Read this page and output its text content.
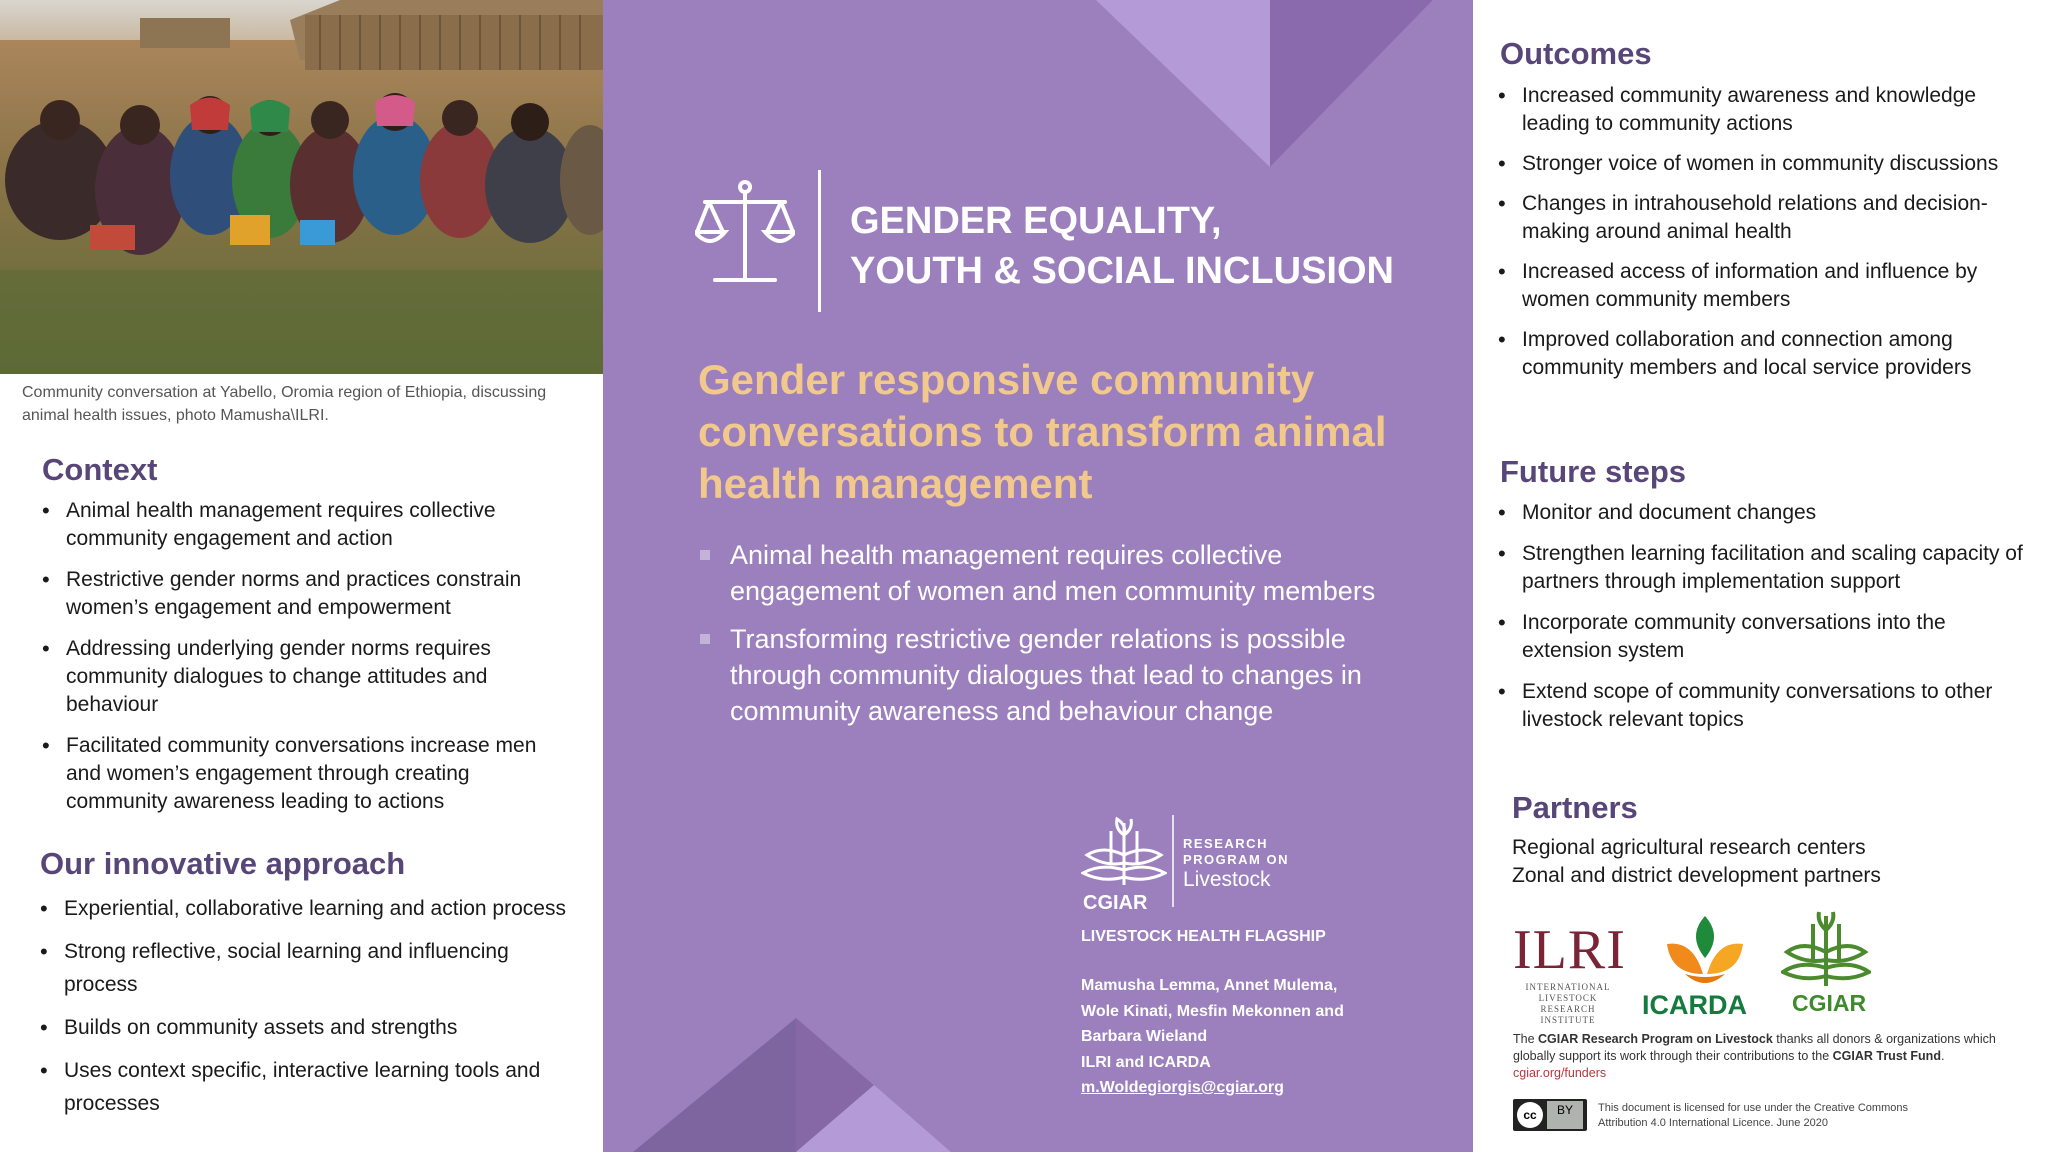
Community conversation at Yabello, Oromia region of Ethiopia, discussing animal health issues, photo Mamusha\ILRI.
Context
• Animal health management requires collective community engagement and action
• Restrictive gender norms and practices constrain women’s engagement and empowerment
• Addressing underlying gender norms requires community dialogues to change attitudes and behaviour
• Facilitated community conversations increase men and women’s engagement through creating community awareness leading to actions
Our innovative approach
• Experiential, collaborative learning and action process
• Strong reflective, social learning and influencing process
• Builds on community assets and strengths
• Uses context specific, interactive learning tools and processes
GENDER EQUALITY,
YOUTH & SOCIAL INCLUSION
Gender responsive community conversations to transform animal health management
Animal health management requires collective engagement of women and men community members
Transforming restrictive gender relations is possible through community dialogues that lead to changes in community awareness and behaviour change
RESEARCH
PROGRAM ON
Livestock
CGIAR
LIVESTOCK HEALTH FLAGSHIP
Mamusha Lemma, Annet Mulema,
Wole Kinati, Mesfin Mekonnen and
Barbara Wieland
ILRI and ICARDA
m.Woldegiorgis@cgiar.org
Outcomes
• Increased community awareness and knowledge leading to community actions
• Stronger voice of women in community discussions
• Changes in intrahousehold relations and decision-making around animal health
• Increased access of information and influence by women community members
• Improved collaboration and connection among community members and local service providers
Future steps
• Monitor and document changes
• Strengthen learning facilitation and scaling capacity of partners through implementation support
• Incorporate community conversations into the extension system
• Extend scope of community conversations to other livestock relevant topics
Partners
Regional agricultural research centers
Zonal and district development partners
ILRI
INTERNATIONAL LIVESTOCK RESEARCH INSTITUTE	ICARDA CGIAR
The CGIAR Research Program on Livestock thanks all donors & organizations which globally support its work through their contributions to the CGIAR Trust Fund. cgiar.org/funders
cc	BY	This document is licensed for use under the Creative Commons Attribution 4.0 International Licence. June 2020
